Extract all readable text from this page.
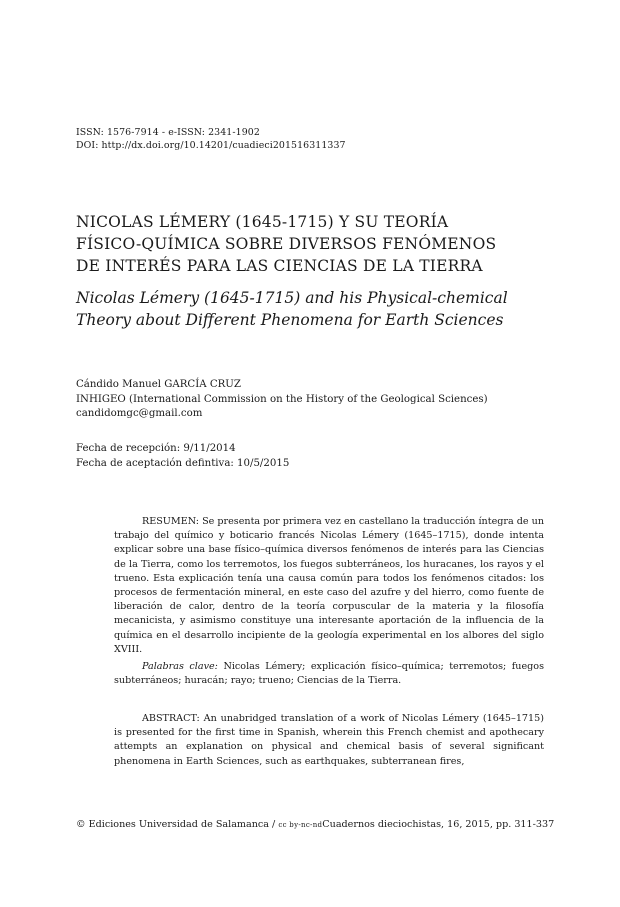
ISSN: 1576-7914 - e-ISSN: 2341-1902
DOI: http://dx.doi.org/10.14201/cuadieci201516311337
NICOLAS LÉMERY (1645-1715) Y SU TEORÍA
FÍSICO-QUÍMICA SOBRE DIVERSOS FENÓMENOS
DE INTERÉS PARA LAS CIENCIAS DE LA TIERRA
Nicolas Lémery (1645-1715) and his Physical-chemical
Theory about Different Phenomena for Earth Sciences
Cándido Manuel GARCÍA CRUZ
INHIGEO (International Commission on the History of the Geological Sciences)
candidomgc@gmail.com
Fecha de recepción: 9/11/2014
Fecha de aceptación defintiva: 10/5/2015

RESUMEN: Se presenta por primera vez en castellano la traducción íntegra de un trabajo del químico y boticario francés Nicolas Lémery (1645–1715), donde intenta explicar sobre una base físico–química diversos fenómenos de interés para las Ciencias de la Tierra, como los terremotos, los fuegos subterráneos, los huracanes, los rayos y el trueno. Esta explicación tenía una causa común para todos los fenómenos citados: los procesos de fermentación mineral, en este caso del azufre y del hierro, como fuente de liberación de calor, dentro de la teoría corpuscular de la materia y la filosofía mecanicista, y asimismo constituye una interesante aportación de la influencia de la química en el desarrollo incipiente de la geología experimental en los albores del siglo XVIII.

Palabras clave: Nicolas Lémery; explicación físico–química; terremotos; fuegos subterráneos; huracán; rayo; trueno; Ciencias de la Tierra.

ABSTRACT: An unabridged translation of a work of Nicolas Lémery (1645–1715) is presented for the first time in Spanish, wherein this French chemist and apothecary attempts an explanation on physical and chemical basis of several significant phenomena in Earth Sciences, such as earthquakes, subterranean fires,

© Ediciones Universidad de Salamanca / cc by-nc-nd Cuadernos dieciochistas, 16, 2015, pp. 311-337
